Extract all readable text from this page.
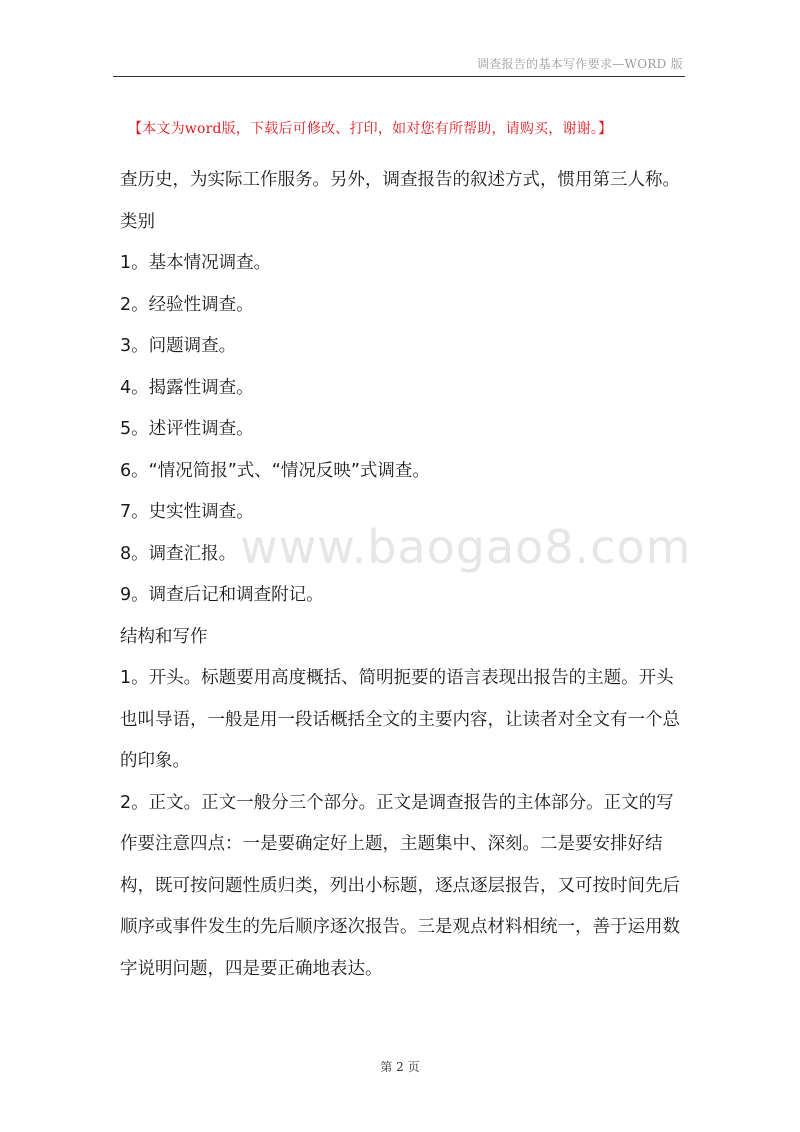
调查报告的基本写作要求—WORD 版
【本文为word版，下载后可修改、打印，如对您有所帮助，请购买，谢谢。】
www.baogao8.com

查历史，为实际工作服务。另外，调查报告的叙述方式，惯用第三人称。

类别

1。基本情况调查。

2。经验性调查。

3。问题调查。

4。揭露性调查。

5。述评性调查。

6。“情况简报”式、“情况反映”式调查。

7。史实性调查。

8。调查汇报。

9。调查后记和调查附记。

结构和写作

1。开头。标题要用高度概括、简明扼要的语言表现出报告的主题。开头也叫导语，一般是用一段话概括全文的主要内容，让读者对全文有一个总的印象。

2。正文。正文一般分三个部分。正文是调查报告的主体部分。正文的写作要注意四点：一是要确定好上题，主题集中、深刻。二是要安排好结构，既可按问题性质归类，列出小标题，逐点逐层报告，又可按时间先后顺序或事件发生的先后顺序逐次报告。三是观点材料相统一，善于运用数字说明问题，四是要正确地表达。

第 2 页
